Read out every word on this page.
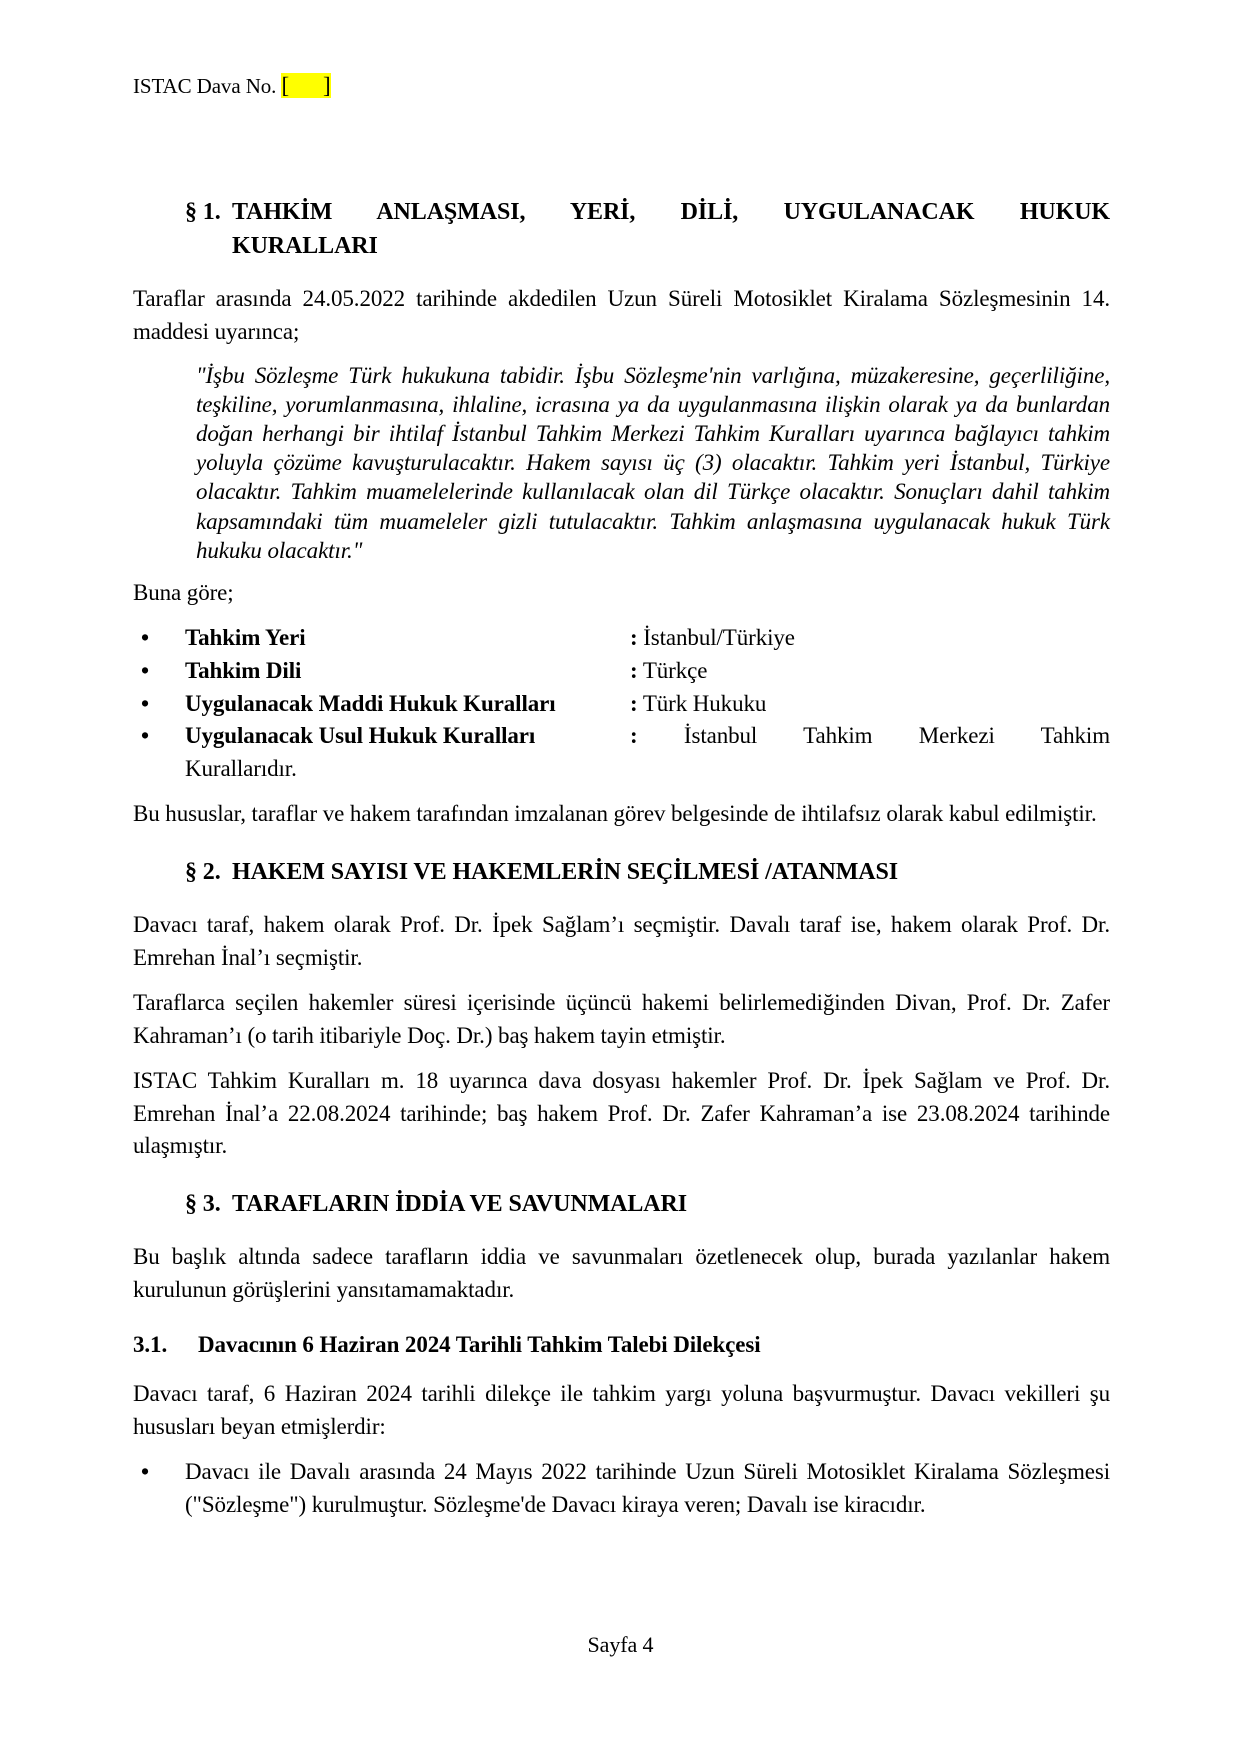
ISTAC Dava No. [      ]
§ 1. TAHKİM ANLAŞMASI, YERİ, DİLİ, UYGULANACAK HUKUK
KURALLARI

Taraflar arasında 24.05.2022 tarihinde akdedilen Uzun Süreli Motosiklet Kiralama Sözleşmesinin 14. maddesi uyarınca;

"İşbu Sözleşme Türk hukukuna tabidir. İşbu Sözleşme'nin varlığına, müzakeresine, geçerliliğine, teşkiline, yorumlanmasına, ihlaline, icrasına ya da uygulanmasına ilişkin olarak ya da bunlardan doğan herhangi bir ihtilaf İstanbul Tahkim Merkezi Tahkim Kuralları uyarınca bağlayıcı tahkim yoluyla çözüme kavuşturulacaktır. Hakem sayısı üç (3) olacaktır. Tahkim yeri İstanbul, Türkiye olacaktır. Tahkim muamelelerinde kullanılacak olan dil Türkçe olacaktır. Sonuçları dahil tahkim kapsamındaki tüm muameleler gizli tutulacaktır. Tahkim anlaşmasına uygulanacak hukuk Türk hukuku olacaktır."

Buna göre;

• Tahkim Yeri	: İstanbul/Türkiye
• Tahkim Dili	: Türkçe
• Uygulanacak Maddi Hukuk Kuralları	: Türk Hukuku
• Uygulanacak Usul Hukuk Kuralları	: İstanbul Tahkim Merkezi Tahkim
Kurallarıdır.

Bu hususlar, taraflar ve hakem tarafından imzalanan görev belgesinde de ihtilafsız olarak kabul edilmiştir.

§ 2. HAKEM SAYISI VE HAKEMLERİN SEÇİLMESİ /ATANMASI

Davacı taraf, hakem olarak Prof. Dr. İpek Sağlam’ı seçmiştir. Davalı taraf ise, hakem olarak Prof. Dr. Emrehan İnal’ı seçmiştir.

Taraflarca seçilen hakemler süresi içerisinde üçüncü hakemi belirlemediğinden Divan, Prof. Dr. Zafer Kahraman’ı (o tarih itibariyle Doç. Dr.) baş hakem tayin etmiştir.

ISTAC Tahkim Kuralları m. 18 uyarınca dava dosyası hakemler Prof. Dr. İpek Sağlam ve Prof. Dr. Emrehan İnal’a 22.08.2024 tarihinde; baş hakem Prof. Dr. Zafer Kahraman’a ise 23.08.2024 tarihinde ulaşmıştır.

§ 3. TARAFLARIN İDDİA VE SAVUNMALARI

Bu başlık altında sadece tarafların iddia ve savunmaları özetlenecek olup, burada yazılanlar hakem kurulunun görüşlerini yansıtamamaktadır.

3.1.	Davacının 6 Haziran 2024 Tarihli Tahkim Talebi Dilekçesi

Davacı taraf, 6 Haziran 2024 tarihli dilekçe ile tahkim yargı yoluna başvurmuştur. Davacı vekilleri şu hususları beyan etmişlerdir:

• Davacı ile Davalı arasında 24 Mayıs 2022 tarihinde Uzun Süreli Motosiklet Kiralama Sözleşmesi ("Sözleşme") kurulmuştur. Sözleşme'de Davacı kiraya veren; Davalı ise kiracıdır.
Sayfa 4
